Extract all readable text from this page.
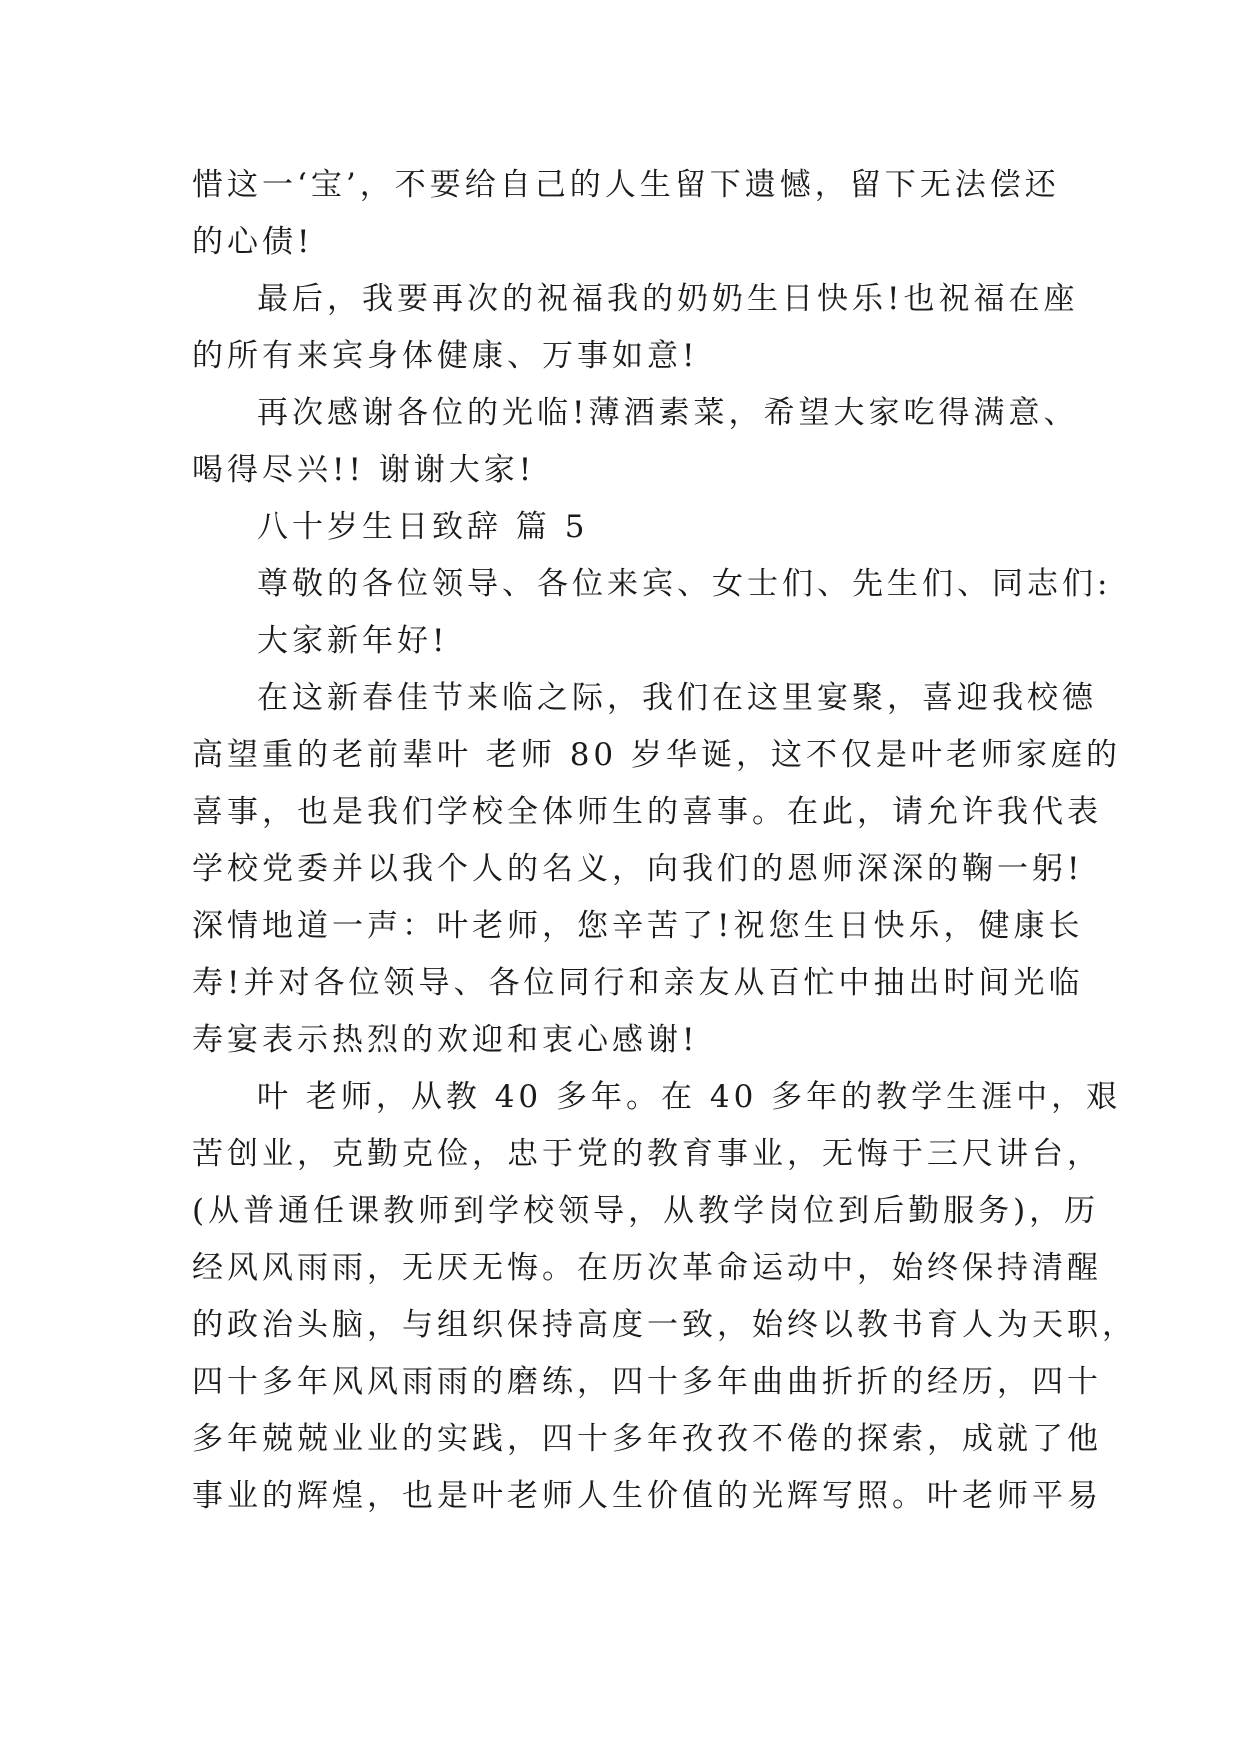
惜这一‘宝’，不要给自己的人生留下遗憾，留下无法偿还
的心债!
最后，我要再次的祝福我的奶奶生日快乐!也祝福在座
的所有来宾身体健康、万事如意!
再次感谢各位的光临!薄酒素菜，希望大家吃得满意、
喝得尽兴!! 谢谢大家!
八十岁生日致辞 篇 5
尊敬的各位领导、各位来宾、女士们、先生们、同志们:
大家新年好!
在这新春佳节来临之际，我们在这里宴聚，喜迎我校德
高望重的老前辈叶 老师 80 岁华诞，这不仅是叶老师家庭的
喜事，也是我们学校全体师生的喜事。在此，请允许我代表
学校党委并以我个人的名义，向我们的恩师深深的鞠一躬!
深情地道一声：叶老师，您辛苦了!祝您生日快乐，健康长
寿!并对各位领导、各位同行和亲友从百忙中抽出时间光临
寿宴表示热烈的欢迎和衷心感谢!
叶 老师，从教 40 多年。在 40 多年的教学生涯中，艰
苦创业，克勤克俭，忠于党的教育事业，无悔于三尺讲台，
(从普通任课教师到学校领导，从教学岗位到后勤服务)，历
经风风雨雨，无厌无悔。在历次革命运动中，始终保持清醒
的政治头脑，与组织保持高度一致，始终以教书育人为天职，
四十多年风风雨雨的磨练，四十多年曲曲折折的经历，四十
多年兢兢业业的实践，四十多年孜孜不倦的探索，成就了他
事业的辉煌，也是叶老师人生价值的光辉写照。叶老师平易
